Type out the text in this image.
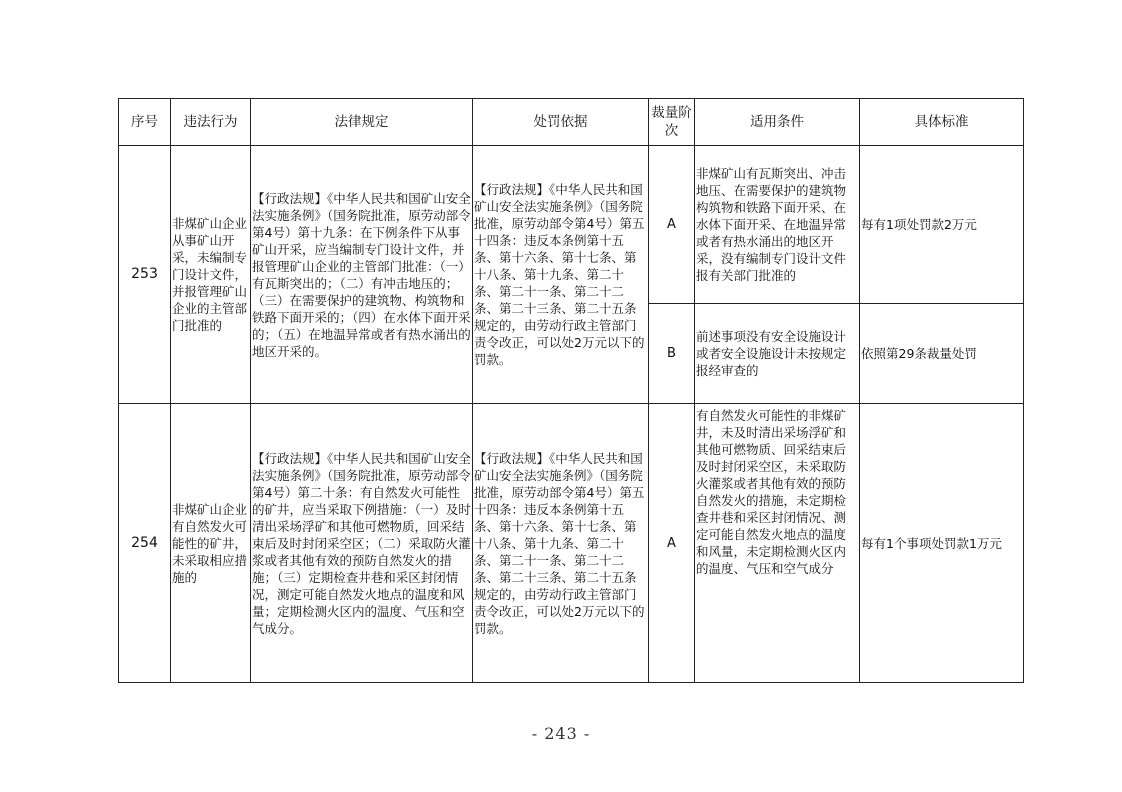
序号	违法行为	法律规定	处罚依据	裁量阶次	适用条件	具体标准
253	非煤矿山企业从事矿山开采，未编制专门设计文件，并报管理矿山企业的主管部门批准的	【行政法规】《中华人民共和国矿山安全法实施条例》（国务院批准，原劳动部令第4号）第十九条：在下例条件下从事矿山开采，应当编制专门设计文件，并报管理矿山企业的主管部门批准：（一）有瓦斯突出的；（二）有冲击地压的；（三）在需要保护的建筑物、构筑物和铁路下面开采的；（四）在水体下面开采的；（五）在地温异常或者有热水涌出的地区开采的。	【行政法规】《中华人民共和国矿山安全法实施条例》（国务院批准，原劳动部令第4号）第五十四条：违反本条例第十五条、第十六条、第十七条、第十八条、第十九条、第二十条、第二十一条、第二十二条、第二十三条、第二十五条规定的，由劳动行政主管部门责令改正，可以处2万元以下的罚款。	A	非煤矿山有瓦斯突出、冲击地压、在需要保护的建筑物构筑物和铁路下面开采、在水体下面开采、在地温异常或者有热水涌出的地区开采，没有编制专门设计文件报有关部门批准的	每有1项处罚款2万元
				B	前述事项没有安全设施设计或者安全设施设计未按规定报经审查的	依照第29条裁量处罚
254	非煤矿山企业有自然发火可能性的矿井，未采取相应措施的	【行政法规】《中华人民共和国矿山安全法实施条例》（国务院批准，原劳动部令第4号）第二十条：有自然发火可能性的矿井，应当采取下例措施：（一）及时清出采场浮矿和其他可燃物质，回采结束后及时封闭采空区；（二）采取防火灌浆或者其他有效的预防自然发火的措施；（三）定期检查井巷和采区封闭情况，测定可能自然发火地点的温度和风量；定期检测火区内的温度、气压和空气成分。	【行政法规】《中华人民共和国矿山安全法实施条例》（国务院批准，原劳动部令第4号）第五十四条：违反本条例第十五条、第十六条、第十七条、第十八条、第十九条、第二十条、第二十一条、第二十二条、第二十三条、第二十五条规定的，由劳动行政主管部门责令改正，可以处2万元以下的罚款。	A	有自然发火可能性的非煤矿井，未及时清出采场浮矿和其他可燃物质、回采结束后及时封闭采空区，未采取防火灌浆或者其他有效的预防自然发火的措施，未定期检查井巷和采区封闭情况、测定可能自然发火地点的温度和风量，未定期检测火区内的温度、气压和空气成分	每有1个事项处罚款1万元
- 243 -
